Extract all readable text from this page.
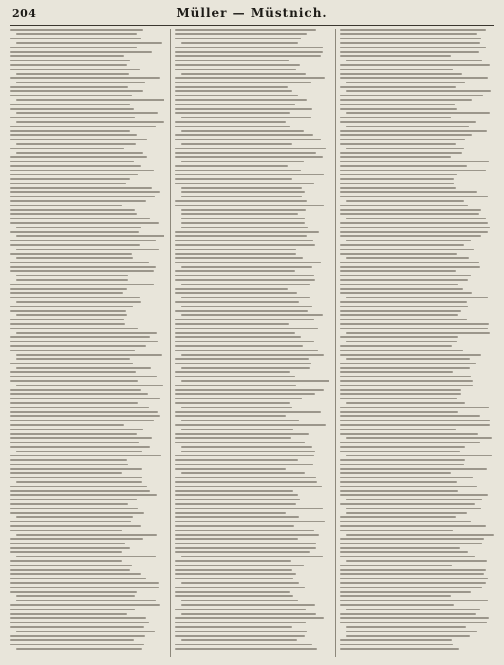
204	Müller — Müstnich.
